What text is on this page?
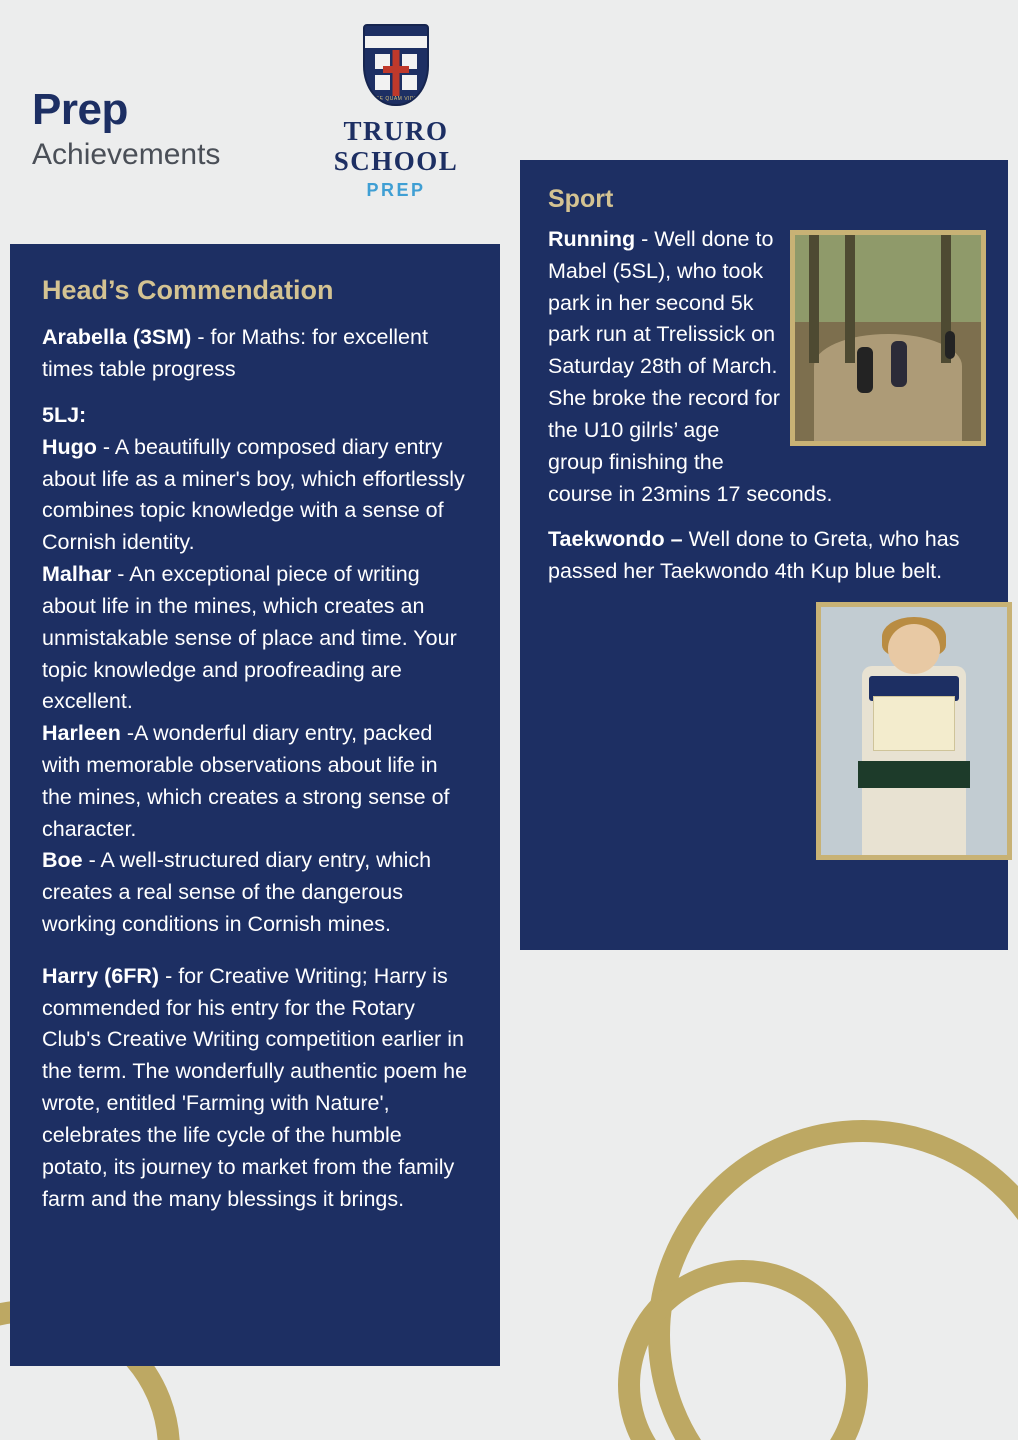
Prep
Achievements
ESSE QUAM VIDERI
TRURO
SCHOOL
PREP
Head’s Commendation

Arabella (3SM) - for Maths: for excellent times table progress

5LJ:

Hugo - A beautifully composed diary entry about life as a miner's boy, which effortlessly combines topic knowledge with a sense of Cornish identity.

Malhar - An exceptional piece of writing about life in the mines, which creates an unmistakable sense of place and time. Your topic knowledge and proofreading are excellent.

Harleen -A wonderful diary entry, packed with memorable observations about life in the mines, which creates a strong sense of character.

Boe - A well-structured diary entry, which creates a real sense of the dangerous working conditions in Cornish mines.

Harry (6FR) - for Creative Writing; Harry is commended for his entry for the Rotary Club's Creative Writing competition earlier in the term. The wonderfully authentic poem he wrote, entitled 'Farming with Nature', celebrates the life cycle of the humble potato, its journey to market from the family farm and the many blessings it brings.

Sport

Running - Well done to Mabel (5SL), who took park in her second 5k park run at Trelissick on Saturday 28th of March. She broke the record for the U10 gilrls’ age group finishing the course in 23mins 17 seconds.

Taekwondo – Well done to Greta, who has passed her Taekwondo 4th Kup blue belt.
